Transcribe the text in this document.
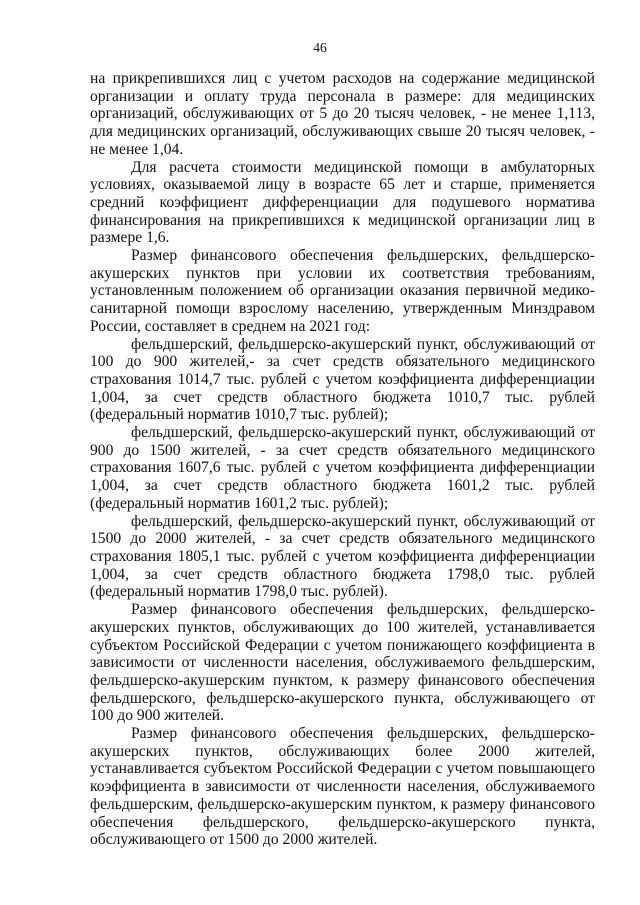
46

на прикрепившихся лиц с учетом расходов на содержание медицинской организации и оплату труда персонала в размере: для медицинских организаций, обслуживающих от 5 до 20 тысяч человек, - не менее 1,113, для медицинских организаций, обслуживающих свыше 20 тысяч человек, - не менее 1,04.

Для расчета стоимости медицинской помощи в амбулаторных условиях, оказываемой лицу в возрасте 65 лет и старше, применяется средний коэффициент дифференциации для подушевого норматива финансирования на прикрепившихся к медицинской организации лиц в размере 1,6.

Размер финансового обеспечения фельдшерских, фельдшерско-акушерских пунктов при условии их соответствия требованиям, установленным положением об организации оказания первичной медико-санитарной помощи взрослому населению, утвержденным Минздравом России, составляет в среднем на 2021 год:

фельдшерский, фельдшерско-акушерский пункт, обслуживающий от 100 до 900 жителей,- за счет средств обязательного медицинского страхования 1014,7 тыс. рублей с учетом коэффициента дифференциации 1,004, за счет средств областного бюджета 1010,7 тыс. рублей (федеральный норматив 1010,7 тыс. рублей);

фельдшерский, фельдшерско-акушерский пункт, обслуживающий от 900 до 1500 жителей, - за счет средств обязательного медицинского страхования 1607,6 тыс. рублей с учетом коэффициента дифференциации 1,004, за счет средств областного бюджета 1601,2 тыс. рублей (федеральный норматив 1601,2 тыс. рублей);

фельдшерский, фельдшерско-акушерский пункт, обслуживающий от 1500 до 2000 жителей, - за счет средств обязательного медицинского страхования 1805,1 тыс. рублей с учетом коэффициента дифференциации 1,004, за счет средств областного бюджета 1798,0 тыс. рублей (федеральный норматив 1798,0 тыс. рублей).

Размер финансового обеспечения фельдшерских, фельдшерско-акушерских пунктов, обслуживающих до 100 жителей, устанавливается субъектом Российской Федерации с учетом понижающего коэффициента в зависимости от численности населения, обслуживаемого фельдшерским, фельдшерско-акушерским пунктом, к размеру финансового обеспечения фельдшерского, фельдшерско-акушерского пункта, обслуживающего от 100 до 900 жителей.

Размер финансового обеспечения фельдшерских, фельдшерско-акушерских пунктов, обслуживающих более 2000 жителей, устанавливается субъектом Российской Федерации с учетом повышающего коэффициента в зависимости от численности населения, обслуживаемого фельдшерским, фельдшерско-акушерским пунктом, к размеру финансового обеспечения фельдшерского, фельдшерско-акушерского пункта, обслуживающего от 1500 до 2000 жителей.
